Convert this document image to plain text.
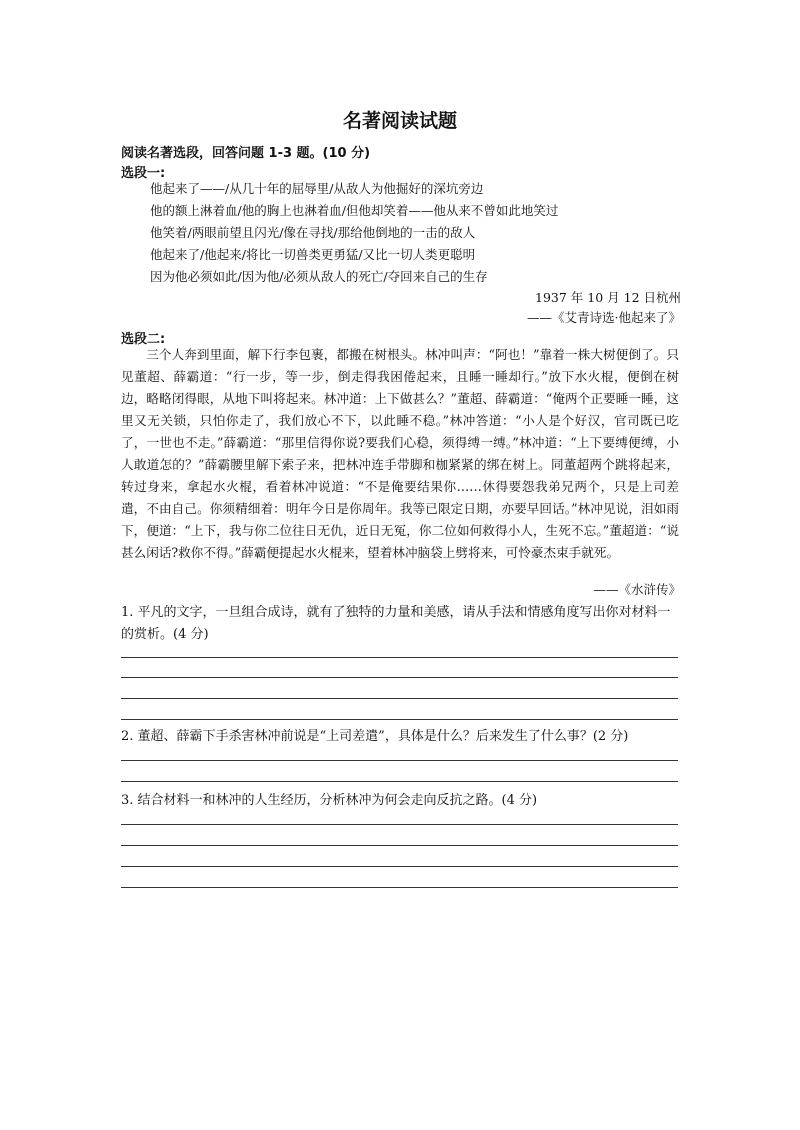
名著阅读试题
阅读名著选段，回答问题 1-3 题。(10 分)
选段一:
他起来了——/从几十年的屈辱里/从敌人为他掘好的深坑旁边
他的额上淋着血/他的胸上也淋着血/但他却笑着——他从来不曾如此地笑过
他笑着/两眼前望且闪光/像在寻找/那给他倒地的一击的敌人
他起来了/他起来/将比一切兽类更勇猛/又比一切人类更聪明
因为他必须如此/因为他/必须从敌人的死亡/夺回来自己的生存
1937 年 10 月 12 日杭州
——《艾青诗选·他起来了》
选段二:

三个人奔到里面，解下行李包裹，都搬在树根头。林冲叫声：“阿也！”靠着一株大树便倒了。只见董超、薛霸道：“行一步，等一步，倒走得我困倦起来，且睡一睡却行。”放下水火棍，便倒在树边，略略闭得眼，从地下叫将起来。林冲道：上下做甚么？”董超、薛霸道：“俺两个正要睡一睡，这里又无关锁，只怕你走了，我们放心不下，以此睡不稳。”林冲答道：“小人是个好汉，官司既已吃了，一世也不走。”薛霸道：“那里信得你说?要我们心稳，须得缚一缚。”林冲道：“上下要缚便缚，小人敢道怎的？”薛霸腰里解下索子来，把林冲连手带脚和枷紧紧的绑在树上。同董超两个跳将起来，转过身来，拿起水火棍，看着林冲说道：“不是俺要结果你……休得要怨我弟兄两个，只是上司差遣，不由自己。你须精细着：明年今日是你周年。我等已限定日期，亦要早回话。”林冲见说，泪如雨下，便道：“上下，我与你二位往日无仇，近日无冤，你二位如何救得小人，生死不忘。”董超道：“说甚么闲话?救你不得。”薛霸便提起水火棍来，望着林冲脑袋上劈将来，可怜豪杰束手就死。

——《水浒传》
1. 平凡的文字，一旦组合成诗，就有了独特的力量和美感，请从手法和情感角度写出你对材料一的赏析。(4 分)
2. 董超、薛霸下手杀害林冲前说是“上司差遣”，具体是什么？后来发生了什么事？(2 分)
3. 结合材料一和林冲的人生经历，分析林冲为何会走向反抗之路。(4 分)
